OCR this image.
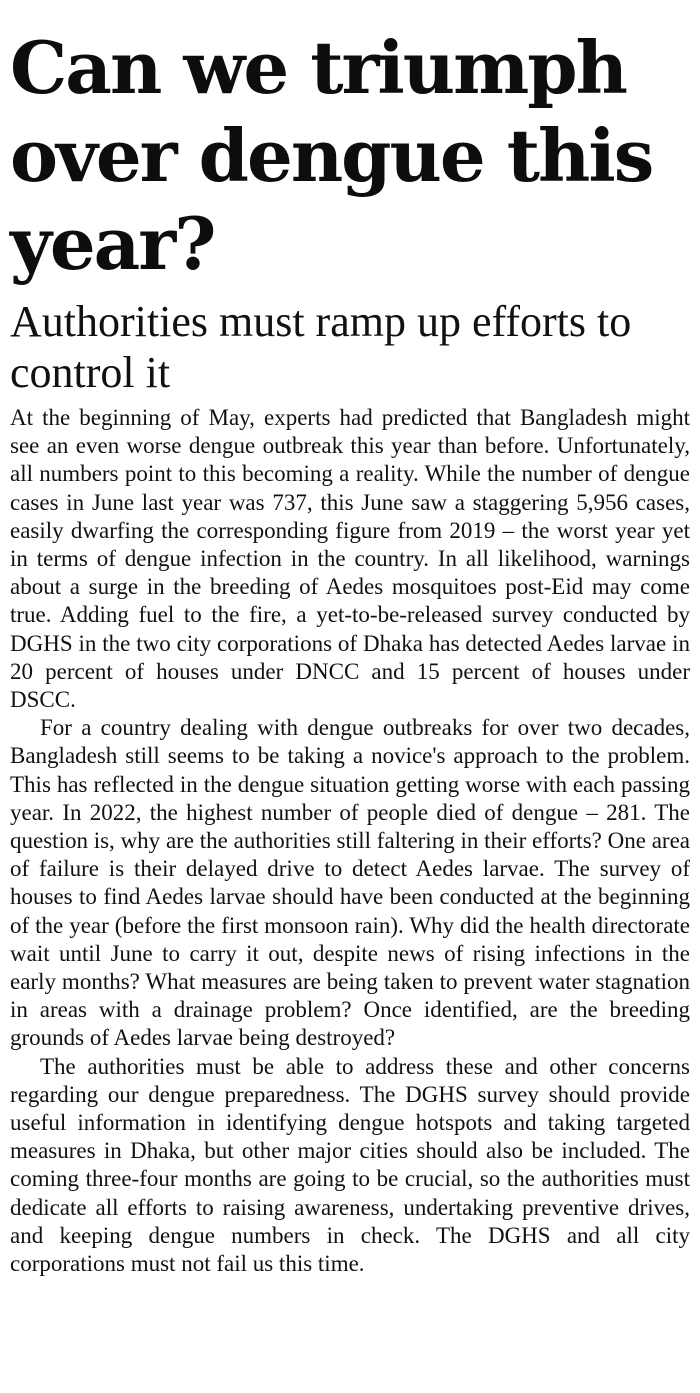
Can we triumph over dengue this year?
Authorities must ramp up efforts to control it

At the beginning of May, experts had predicted that Bangladesh might see an even worse dengue outbreak this year than before. Unfortunately, all numbers point to this becoming a reality. While the number of dengue cases in June last year was 737, this June saw a staggering 5,956 cases, easily dwarfing the corresponding figure from 2019 – the worst year yet in terms of dengue infection in the country. In all likelihood, warnings about a surge in the breeding of Aedes mosquitoes post-Eid may come true. Adding fuel to the fire, a yet-to-be-released survey conducted by DGHS in the two city corporations of Dhaka has detected Aedes larvae in 20 percent of houses under DNCC and 15 percent of houses under DSCC.

For a country dealing with dengue outbreaks for over two decades, Bangladesh still seems to be taking a novice's approach to the problem. This has reflected in the dengue situation getting worse with each passing year. In 2022, the highest number of people died of dengue – 281. The question is, why are the authorities still faltering in their efforts? One area of failure is their delayed drive to detect Aedes larvae. The survey of houses to find Aedes larvae should have been conducted at the beginning of the year (before the first monsoon rain). Why did the health directorate wait until June to carry it out, despite news of rising infections in the early months? What measures are being taken to prevent water stagnation in areas with a drainage problem? Once identified, are the breeding grounds of Aedes larvae being destroyed?

The authorities must be able to address these and other concerns regarding our dengue preparedness. The DGHS survey should provide useful information in identifying dengue hotspots and taking targeted measures in Dhaka, but other major cities should also be included. The coming three-four months are going to be crucial, so the authorities must dedicate all efforts to raising awareness, undertaking preventive drives, and keeping dengue numbers in check. The DGHS and all city corporations must not fail us this time.
